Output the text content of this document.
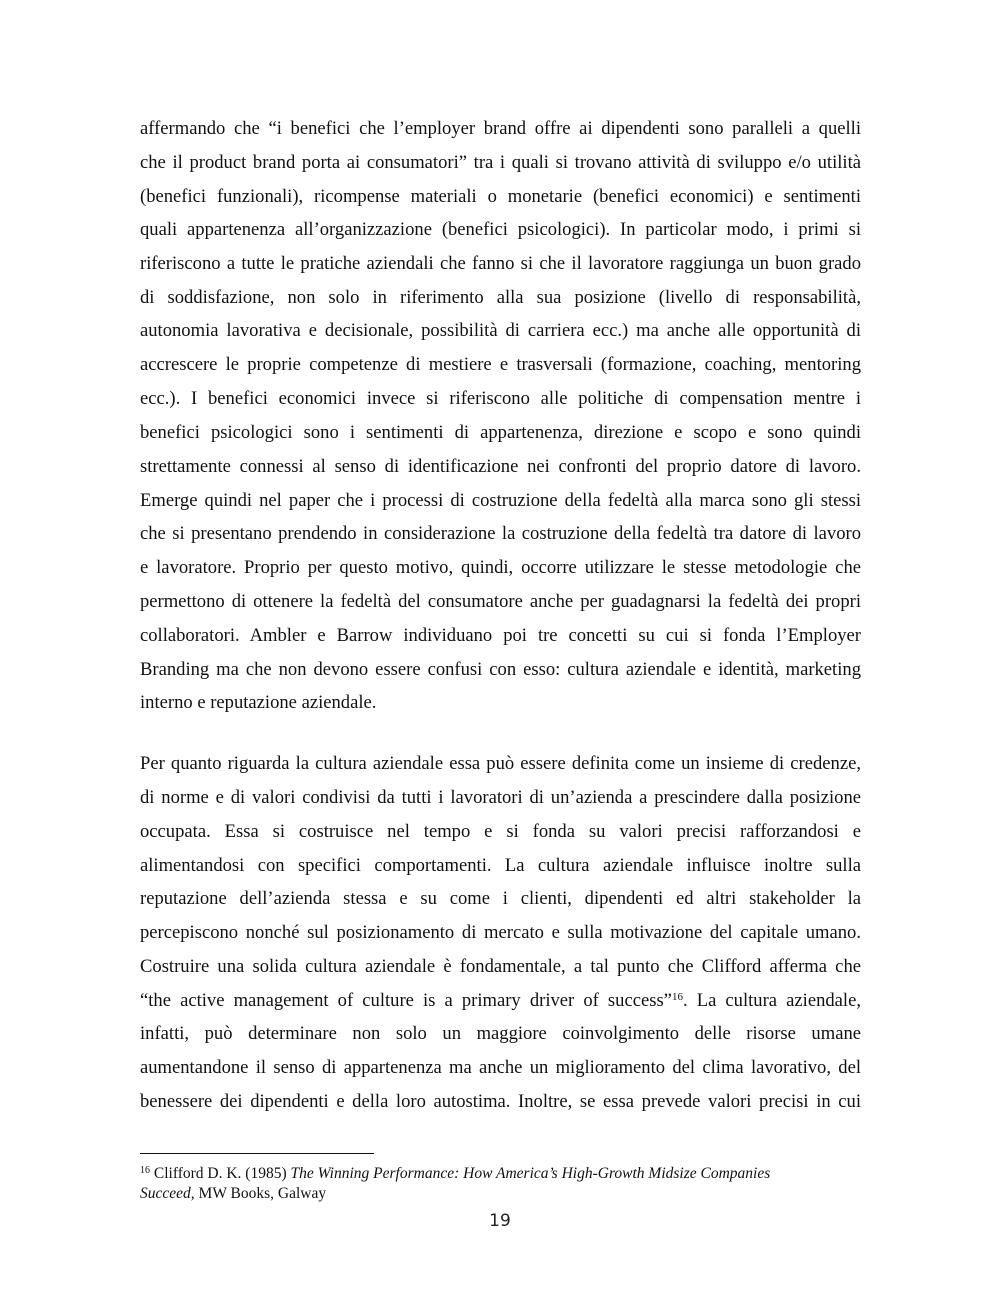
affermando che “i benefici che l’employer brand offre ai dipendenti sono paralleli a quelli

che il product brand porta ai consumatori” tra i quali si trovano attività di sviluppo e/o utilità

(benefici funzionali), ricompense materiali o monetarie (benefici economici) e sentimenti

quali appartenenza all’organizzazione (benefici psicologici). In particolar modo, i primi si

riferiscono a tutte le pratiche aziendali che fanno si che il lavoratore raggiunga un buon grado

di soddisfazione, non solo in riferimento alla sua posizione (livello di responsabilità,

autonomia lavorativa e decisionale, possibilità di carriera ecc.) ma anche alle opportunità di

accrescere le proprie competenze di mestiere e trasversali (formazione, coaching, mentoring

ecc.). I benefici economici invece si riferiscono alle politiche di compensation mentre i

benefici psicologici sono i sentimenti di appartenenza, direzione e scopo e sono quindi

strettamente connessi al senso di identificazione nei confronti del proprio datore di lavoro.

Emerge quindi nel paper che i processi di costruzione della fedeltà alla marca sono gli stessi

che si presentano prendendo in considerazione la costruzione della fedeltà tra datore di lavoro

e lavoratore. Proprio per questo motivo, quindi, occorre utilizzare le stesse metodologie che

permettono di ottenere la fedeltà del consumatore anche per guadagnarsi la fedeltà dei propri

collaboratori. Ambler e Barrow individuano poi tre concetti su cui si fonda l’Employer

Branding ma che non devono essere confusi con esso: cultura aziendale e identità, marketing

interno e reputazione aziendale.

Per quanto riguarda la cultura aziendale essa può essere definita come un insieme di credenze,

di norme e di valori condivisi da tutti i lavoratori di un’azienda a prescindere dalla posizione

occupata. Essa si costruisce nel tempo e si fonda su valori precisi rafforzandosi e

alimentandosi con specifici comportamenti. La cultura aziendale influisce inoltre sulla

reputazione dell’azienda stessa e su come i clienti, dipendenti ed altri stakeholder la

percepiscono nonché sul posizionamento di mercato e sulla motivazione del capitale umano.

Costruire una solida cultura aziendale è fondamentale, a tal punto che Clifford afferma che

“the active management of culture is a primary driver of success”$^{16}$. La cultura aziendale,

infatti, può determinare non solo un maggiore coinvolgimento delle risorse umane

aumentandone il senso di appartenenza ma anche un miglioramento del clima lavorativo, del

benessere dei dipendenti e della loro autostima. Inoltre, se essa prevede valori precisi in cui

$^{16}$ Clifford D. K. (1985) The Winning Performance: How America’s High-Growth Midsize Companies

Succeed, MW Books, Galway

19
